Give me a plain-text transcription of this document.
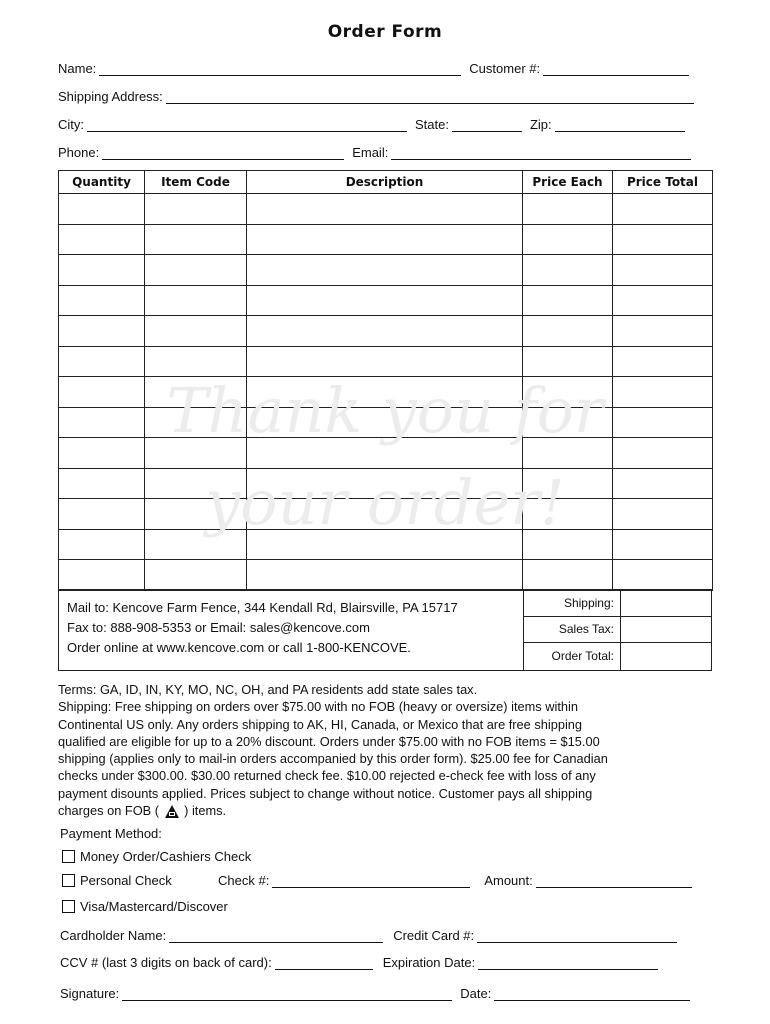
Order Form
Name:	Customer #:
Shipping Address:
City:	State:	Zip:
Phone:	Email:
Quantity	Item Code	Description	Price Each	Price Total

Thank you for
your order!
Mail to: Kencove Farm Fence, 344 Kendall Rd, Blairsville, PA 15717
Fax to: 888-908-5353 or Email: sales@kencove.com
Order online at www.kencove.com or call 1-800-KENCOVE.
Shipping:
Sales Tax:
Order Total:
Terms: GA, ID, IN, KY, MO, NC, OH, and PA residents add state sales tax.
Shipping: Free shipping on orders over $75.00 with no FOB (heavy or oversize) items within
Continental US only. Any orders shipping to AK, HI, Canada, or Mexico that are free shipping
qualified are eligible for up to a 20% discount. Orders under $75.00 with no FOB items = $15.00
shipping (applies only to mail-in orders accompanied by this order form). $25.00 fee for Canadian
checks under $300.00. $30.00 returned check fee. $10.00 rejected e-check fee with loss of any
payment disounts applied. Prices subject to change without notice. Customer pays all shipping
charges on FOB ( ) items.
Payment Method:
Money Order/Cashiers Check
Personal Check	Check #:	Amount:
Visa/Mastercard/Discover
Cardholder Name:	Credit Card #:
CCV # (last 3 digits on back of card):	Expiration Date:
Signature:	Date:
